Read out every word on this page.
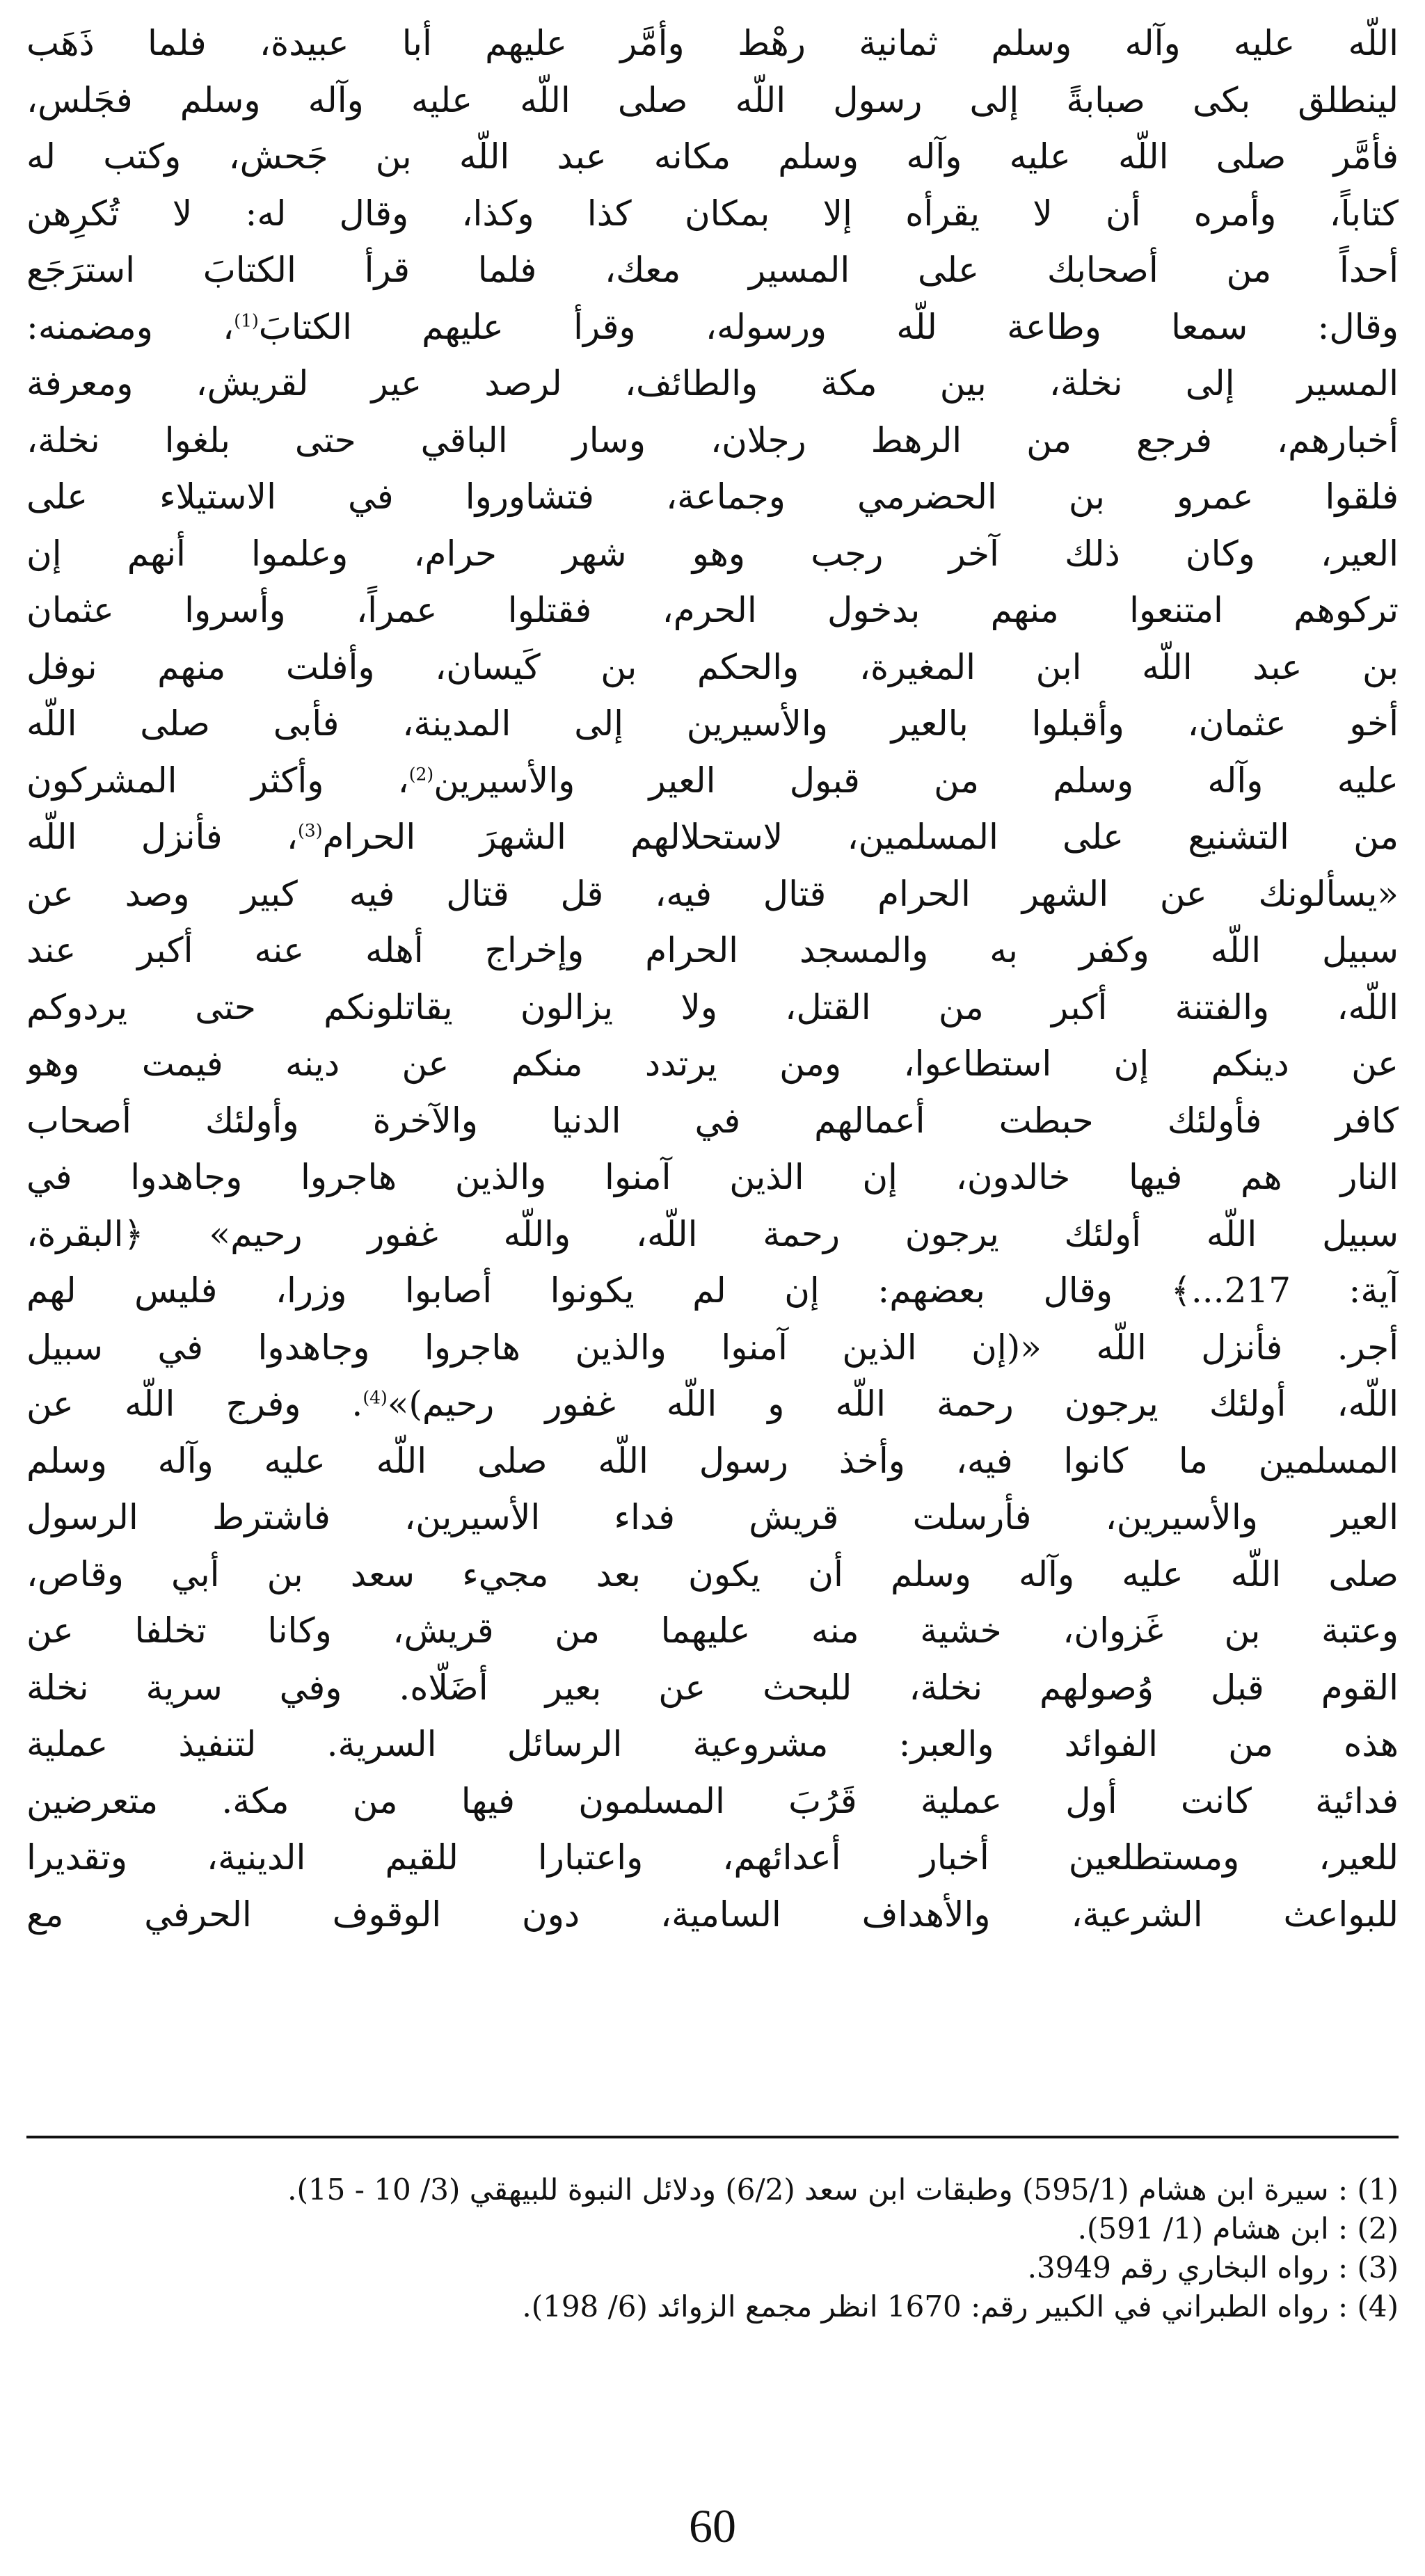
اللّه عليه وآله وسلم ثمانية رهْط وأمَّر عليهم أبا عبيدة، فلما ذَهَب
لينطلق بكى صبابةً إلى رسول اللّه صلى اللّه عليه وآله وسلم فجَلس،
فأمَّر صلى اللّه عليه وآله وسلم مكانه عبد اللّه بن جَحش، وكتب له
كتاباً، وأمره أن لا يقرأه إلا بمكان كذا وكذا، وقال له: لا تُكرِهن
أحداً من أصحابك على المسير معك، فلما قرأ الكتابَ استرَجَع
وقال: سمعا وطاعة للّه ورسوله، وقرأ عليهم الكتابَ$^{(1)}$، ومضمنه:
المسير إلى نخلة، بين مكة والطائف، لرصد عير لقريش، ومعرفة
أخبارهم، فرجع من الرهط رجلان، وسار الباقي حتى بلغوا نخلة،
فلقوا عمرو بن الحضرمي وجماعة، فتشاوروا في الاستيلاء على
العير، وكان ذلك آخر رجب وهو شهر حرام، وعلموا أنهم إن
تركوهم امتنعوا منهم بدخول الحرم، فقتلوا عمراً، وأسروا عثمان
بن عبد اللّه ابن المغيرة، والحكم بن كَيسان، وأفلت منهم نوفل
أخو عثمان، وأقبلوا بالعير والأسيرين إلى المدينة، فأبى صلى اللّه
عليه وآله وسلم من قبول العير والأسيرين$^{(2)}$، وأكثر المشركون
من التشنيع على المسلمين، لاستحلالهم الشهرَ الحرام$^{(3)}$، فأنزل اللّه
«يسألونك عن الشهر الحرام قتال فيه، قل قتال فيه كبير وصد عن
سبيل اللّه وكفر به والمسجد الحرام وإخراج أهله عنه أكبر عند
اللّه، والفتنة أكبر من القتل، ولا يزالون يقاتلونكم حتى يردوكم
عن دينكم إن استطاعوا، ومن يرتدد منكم عن دينه فيمت وهو
كافر فأولئك حبطت أعمالهم في الدنيا والآخرة وأولئك أصحاب
النار هم فيها خالدون، إن الذين آمنوا والذين هاجروا وجاهدوا في
سبيل اللّه أولئك يرجون رحمة اللّه، واللّه غفور رحيم» ﴿البقرة،
آية: 217...﴾ وقال بعضهم: إن لم يكونوا أصابوا وزرا، فليس لهم
أجر. فأنزل اللّه «(إن الذين آمنوا والذين هاجروا وجاهدوا في سبيل
اللّه، أولئك يرجون رحمة اللّه و اللّه غفور رحيم)»$^{(4)}$. وفرج اللّه عن
المسلمين ما كانوا فيه، وأخذ رسول اللّه صلى اللّه عليه وآله وسلم
العير والأسيرين، فأرسلت قريش فداء الأسيرين، فاشترط الرسول
صلى اللّه عليه وآله وسلم أن يكون بعد مجيء سعد بن أبي وقاص،
وعتبة بن غَزوان، خشية منه عليهما من قريش، وكانا تخلفا عن
القوم قبل وُصولهم نخلة، للبحث عن بعير أضَلّاه. وفي سرية نخلة
هذه من الفوائد والعبر: مشروعية الرسائل السرية. لتنفيذ عملية
فدائية كانت أول عملية قَرُبَ المسلمون فيها من مكة. متعرضين
للعير، ومستطلعين أخبار أعدائهم، واعتبارا للقيم الدينية، وتقديرا
للبواعث الشرعية، والأهداف السامية، دون الوقوف الحرفي مع
(1) : سيرة ابن هشام (595/1) وطبقات ابن سعد (6/2) ودلائل النبوة للبيهقي (3/ 10 - 15).
(2) : ابن هشام (1/ 591).
(3) : رواه البخاري رقم 3949.
(4) : رواه الطبراني في الكبير رقم: 1670 انظر مجمع الزوائد (6/ 198).
60
